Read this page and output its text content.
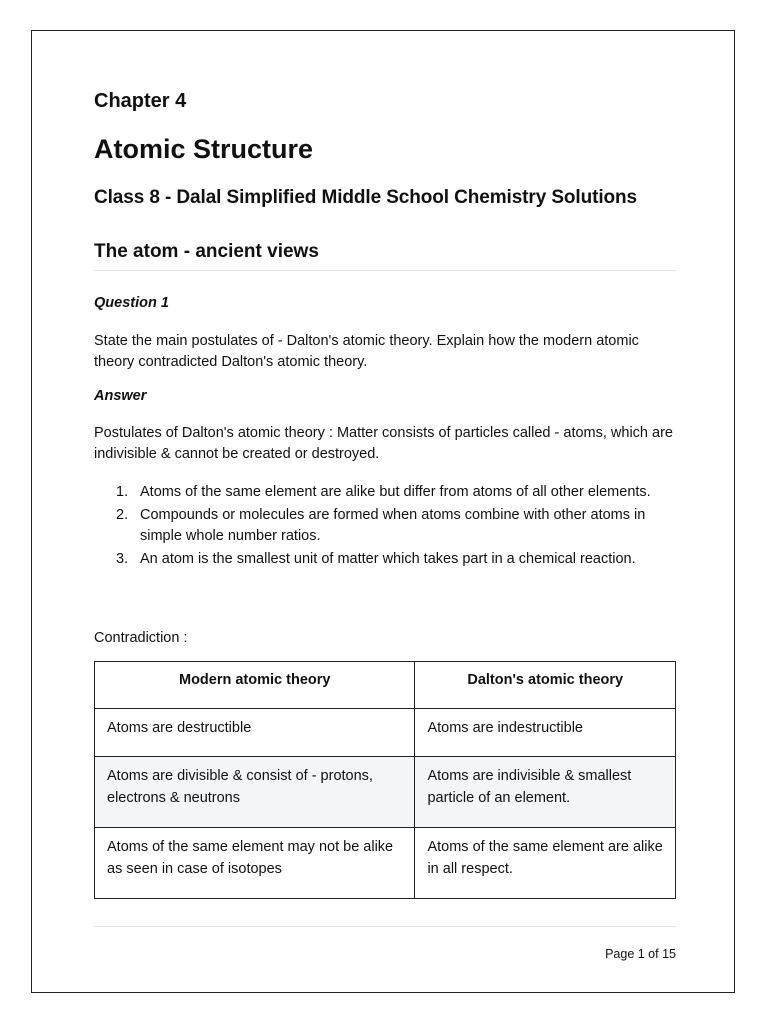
Chapter 4
Atomic Structure
Class 8 - Dalal Simplified Middle School Chemistry Solutions
The atom - ancient views
Question 1

State the main postulates of - Dalton's atomic theory. Explain how the modern atomic theory contradicted Dalton's atomic theory.

Answer

Postulates of Dalton's atomic theory : Matter consists of particles called - atoms, which are indivisible & cannot be created or destroyed.

1. Atoms of the same element are alike but differ from atoms of all other elements.
2. Compounds or molecules are formed when atoms combine with other atoms in simple whole number ratios.
3. An atom is the smallest unit of matter which takes part in a chemical reaction.

Contradiction :

Modern atomic theory	Dalton's atomic theory
Atoms are destructible	Atoms are indestructible
Atoms are divisible & consist of - protons, electrons & neutrons	Atoms are indivisible & smallest particle of an element.
Atoms of the same element may not be alike as seen in case of isotopes	Atoms of the same element are alike in all respect.
Page 1 of 15
